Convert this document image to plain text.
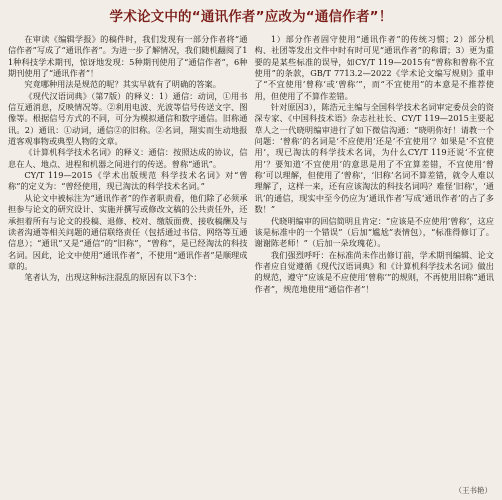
学术论文中的“通讯作者”应改为“通信作者”！

在审读《编辑学报》的稿件时，我们发现有一部分作者将“通信作者”写成了“通讯作者”。为进一步了解情况，我们随机翻阅了11种科技学术期刊，惊讶地发现：5种期刊使用了“通信作者”，6种期刊使用了“通讯作者”！

究竟哪种用法是规范的呢？其实早就有了明确的答案。

《现代汉语词典》（第7版）的释义：1）通信：动词，①用书信互通消息，反映情况等。②利用电波、光波等信号传送文字、图像等。根据信号方式的不同，可分为模拟通信和数字通信。旧称通讯。2）通讯：①动词，通信②的旧称。②名词，翔实而生动地报道客观事物或典型人物的文章。

《计算机科学技术名词》的释义：通信：按照达成的协议，信息在人、地点、进程和机器之间进行的传送。曾称“通讯”。

CY/T 119—2015《学术出版规范 科学技术名词》对“曾称”的定义为：“曾经使用，现已淘汰的科学技术名词。”

从论文中被标注为“通讯作者”的作者职责看，他们除了必须承担参与论文的研究设计、实施并撰写或修改文稿的公共责任外，还承担着所有与论文的投稿、退修、校对、缴版面费、接收稿酬及与读者沟通等相关问题的通信联络责任（包括通过书信、网络等互通信息）；“通讯”又是“通信”的“旧称”，“曾称”，是已经淘汰的科技名词。因此，论文中使用“通讯作者”，不使用“通讯作者”是顺理成章的。

笔者认为，出现这种标注混乱的原因有以下3个：

1）部分作者固守使用“通讯作者”的传统习惯；2）部分机构、社团等发出文件中时有时可见“通讯作者”的称谓；3）更为重要的是某些标准的误导，如CY/T 119—2015有“曾称和曾称不宜使用”的条款，GB/T 7713.2—2022《学术论文编写规则》重申了“不宜使用‘曾称’或‘曾称’”，而“不宜使用”的本意是不推荐使用，但使用了不算作差错。

针对原因3），陈浩元主编与全国科学技术名词审定委员会的资深专家、《中国科技术语》杂志社社长、CY/T 119—2015主要起草人之一代晓明编审进行了如下微信沟通：“晓明你好！请教一个问题：‘曾称’的名词是‘不应使用’还是‘不宜使用’？如果是‘不宜使用’，现已淘汰的科学技术名词，为什么CY/T 119还说‘不宜使用’？要知道‘不宜使用’的意思是用了不宜算差错，不宜使用‘曾称’可以理解，但使用了‘曾称’，‘旧称’名词不算差错，就令人难以理解了，这样一来，还有应该淘汰的科技名词吗？难怪‘旧称’，‘通讯’的通信，现实中至今仍应为‘通讯作者’写成‘通讯作者’的占了多数！”

代晓明编审的回信简明且肯定：“应该是不应使用‘曾称’，这应该是标准中的一个错误”（后加“尴尬”表情包），“标准得修订了。谢谢陈老师！”（后加一朵玫瑰花）。

我们强烈呼吁：在标准尚未作出修订前，学术期刊编辑、论文作者应自觉遵循《现代汉语词典》和《计算机科学技术名词》做出的规范，遵守“应该是不应使用‘曾称’”的规则，不再使用旧称“通讯作者”，规范地使用“通信作者”！

（王书艳）
